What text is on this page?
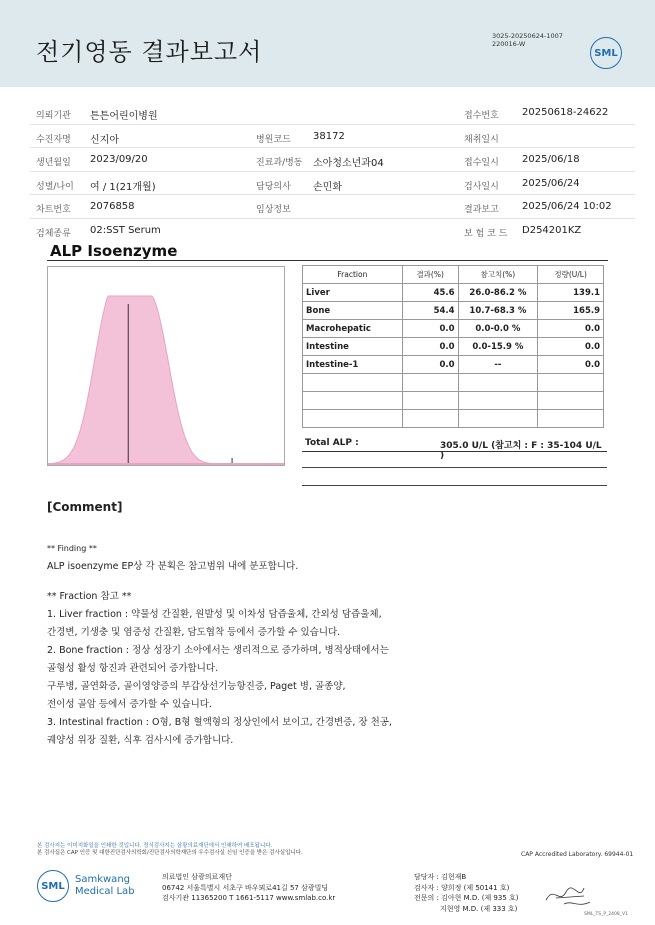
전기영동 결과보고서
3025-20250624-1007
220016-W
SML
의뢰기관 튼튼어린이병원	접수번호 20250618-24622
수진자명 신지아	병원코드 38172	채취일시
생년월일 2023/09/20	진료과/병동 소아청소년과04	접수일시 2025/06/18
성별/나이 여 / 1(21개월)	담당의사 손민화	검사일시 2025/06/24
차트번호 2076858	임상정보	결과보고 2025/06/24 10:02
검체종류 02:SST Serum	보 험 코 드 D254201KZ
ALP Isoenzyme
Fraction	결과(%)	참고치(%)	정량(U/L)
Liver	45.6	26.0-86.2 %	139.1
Bone	54.4	10.7-68.3 %	165.9
Macrohepatic	0.0	0.0-0.0 %	0.0
Intestine	0.0	0.0-15.9 %	0.0
Intestine-1	0.0	--	0.0

Total ALP :	305.0 U/L (참고치 : F : 35-104 U/L )
[Comment]

** Finding **

ALP isoenzyme EP상 각 분획은 참고범위 내에 분포합니다.

** Fraction 참고 **

1. Liver fraction : 약물성 간질환, 원발성 및 이차성 담즙울체, 간외성 담즙울체,

간경변, 기생충 및 염증성 간질환, 담도협착 등에서 증가할 수 있습니다.

2. Bone fraction : 정상 성장기 소아에서는 생리적으로 증가하며, 병적상태에서는

골형성 활성 항진과 관련되어 증가합니다.

구루병, 골연화증, 골이영양증의 부갑상선기능항진증, Paget 병, 골종양,

전이성 골암 등에서 증가할 수 있습니다.

3. Intestinal fraction : O형, B형 혈액형의 정상인에서 보이고, 간경변증, 장 천공,

궤양성 위장 질환, 식후 검사시에 증가합니다.

본 검사지는 이미지화일을 인쇄한 것입니다. 정식검사지는 삼광의료재단에서 인쇄하여 배포됩니다.
본 검사실은 CAP 인증 및 대한진단검사의학회/진단검사의학재단의 우수검사실 신임 인증을 받은 검사실입니다.	CAP Accredited Laboratory. 69944-01
SML
Samkwang
Medical Lab
의료법인 삼광의료재단
06742 서울특별시 서초구 바우뫼로41길 57 삼광빌딩
검사기관 11365200 T 1661-5117 www.smlab.co.kr
담당자 : 김현재B
검사자 : 양희정 (제 50141 호)
전문의 : 김아현 M.D. (제 935 호)
지현영 M.D. (제 333 호)
SML_TS_P_2408_V1
